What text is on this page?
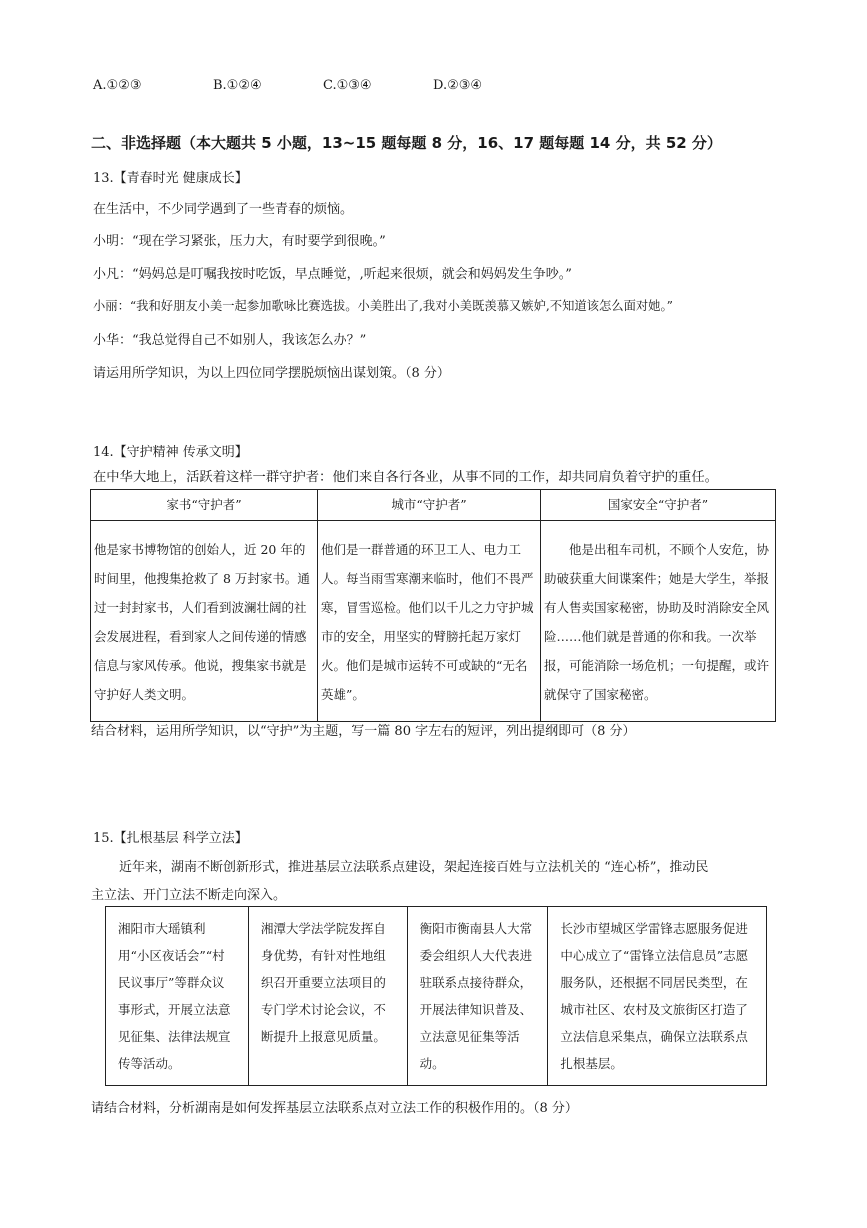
A.①②③	B.①②④	C.①③④	D.②③④
二、非选择题（本大题共 5 小题，13~15 题每题 8 分，16、17 题每题 14 分，共 52 分）
13.【青春时光 健康成长】
在生活中，不少同学遇到了一些青春的烦恼。
小明：“现在学习紧张，压力大，有时要学到很晚。”
小凡：“妈妈总是叮嘱我按时吃饭，早点睡觉，,听起来很烦，就会和妈妈发生争吵。”
小丽：“我和好朋友小美一起参加歌咏比赛选拔。小美胜出了,我对小美既羡慕又嫉妒,不知道该怎么面对她。”
小华：“我总觉得自己不如别人，我该怎么办？”
请运用所学知识，为以上四位同学摆脱烦恼出谋划策。（8 分）
14.【守护精神 传承文明】
在中华大地上，活跃着这样一群守护者：他们来自各行各业，从事不同的工作，却共同肩负着守护的重任。
家书“守护者”	城市“守护者”	国家安全“守护者”
他是家书博物馆的创始人，近 20 年的时间里，他搜集抢救了 8 万封家书。通过一封封家书，人们看到波澜壮阔的社会发展进程，看到家人之间传递的情感信息与家风传承。他说，搜集家书就是守护好人类文明。	他们是一群普通的环卫工人、电力工人。每当雨雪寒潮来临时，他们不畏严寒，冒雪巡检。他们以千儿之力守护城市的安全，用坚实的臂膀托起万家灯火。他们是城市运转不可或缺的“无名英雄”。	他是出租车司机，不顾个人安危，协助破获重大间谍案件；她是大学生，举报有人售卖国家秘密，协助及时消除安全风险……他们就是普通的你和我。一次举报，可能消除一场危机；一句提醒，或许就保守了国家秘密。
结合材料，运用所学知识，以“守护”为主题，写一篇 80 字左右的短评，列出提纲即可（8 分）
15.【扎根基层 科学立法】
近年来，湖南不断创新形式，推进基层立法联系点建设，架起连接百姓与立法机关的 “连心桥”，推动民
主立法、开门立法不断走向深入。
湘阳市大瑶镇利用“小区夜话会”“村民议事厅”等群众议事形式，开展立法意见征集、法律法规宣传等活动。	湘潭大学法学院发挥自身优势，有针对性地组织召开重要立法项目的专门学术讨论会议，不断提升上报意见质量。	衡阳市衡南县人大常委会组织人大代表进驻联系点接待群众，开展法律知识普及、立法意见征集等活动。	长沙市望城区学雷锋志愿服务促进中心成立了“雷锋立法信息员”志愿服务队，还根据不同居民类型，在城市社区、农村及文旅街区打造了立法信息采集点，确保立法联系点扎根基层。
请结合材料，分析湖南是如何发挥基层立法联系点对立法工作的积极作用的。（8 分）
